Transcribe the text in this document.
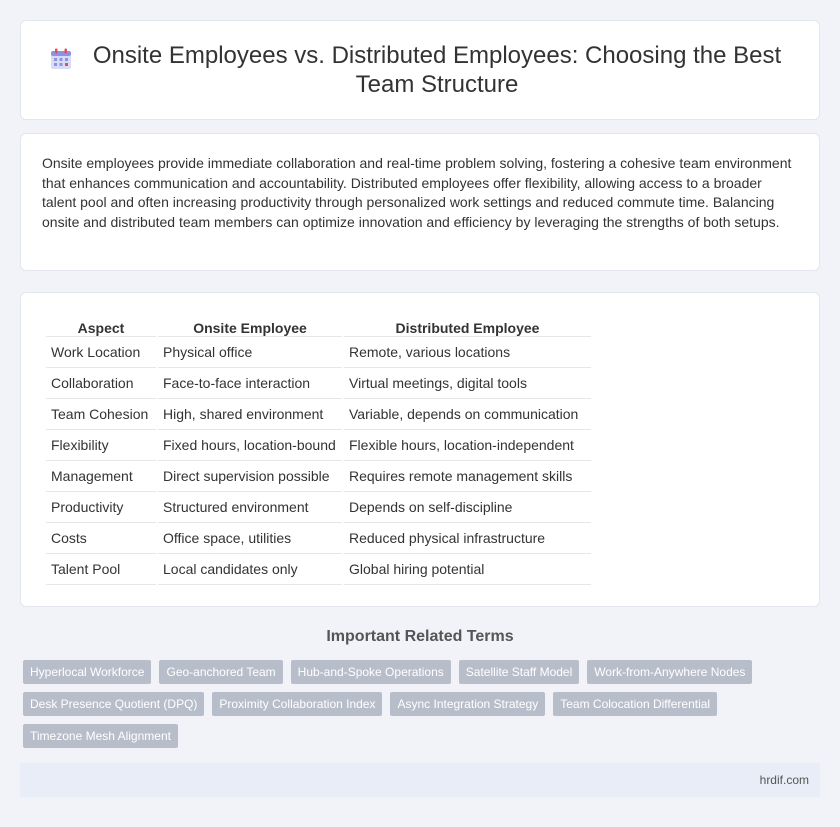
Onsite Employees vs. Distributed Employees: Choosing the Best Team Structure

Onsite employees provide immediate collaboration and real-time problem solving, fostering a cohesive team environment that enhances communication and accountability. Distributed employees offer flexibility, allowing access to a broader talent pool and often increasing productivity through personalized work settings and reduced commute time. Balancing onsite and distributed team members can optimize innovation and efficiency by leveraging the strengths of both setups.

Aspect	Onsite Employee	Distributed Employee
Work Location	Physical office	Remote, various locations
Collaboration	Face-to-face interaction	Virtual meetings, digital tools
Team Cohesion	High, shared environment	Variable, depends on communication
Flexibility	Fixed hours, location-bound	Flexible hours, location-independent
Management	Direct supervision possible	Requires remote management skills
Productivity	Structured environment	Depends on self-discipline
Costs	Office space, utilities	Reduced physical infrastructure
Talent Pool	Local candidates only	Global hiring potential
Important Related Terms
Hyperlocal Workforce	Geo-anchored Team	Hub-and-Spoke Operations	Satellite Staff Model	Work-from-Anywhere Nodes
Desk Presence Quotient (DPQ)	Proximity Collaboration Index	Async Integration Strategy	Team Colocation Differential
Timezone Mesh Alignment
hrdif.com
